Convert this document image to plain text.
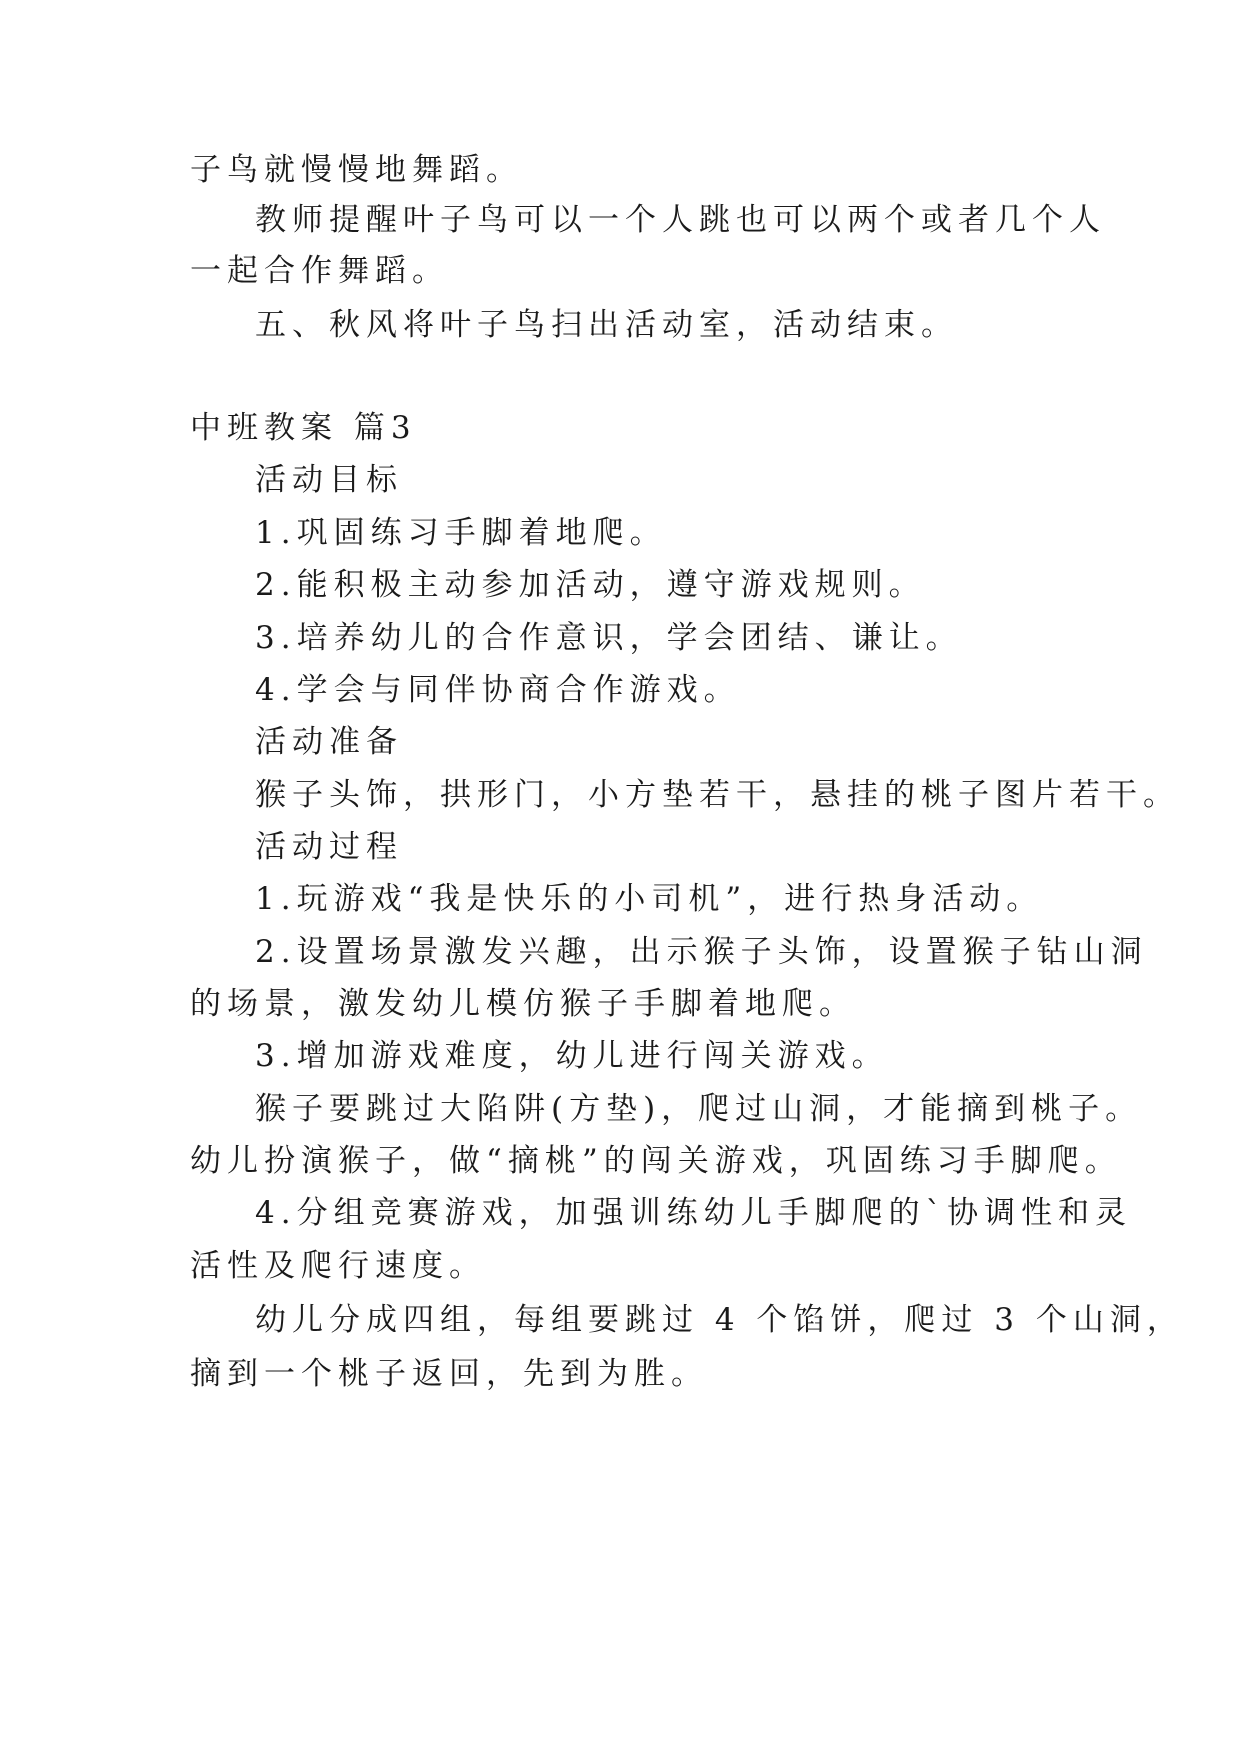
子鸟就慢慢地舞蹈。
教师提醒叶子鸟可以一个人跳也可以两个或者几个人
一起合作舞蹈。
五、秋风将叶子鸟扫出活动室，活动结束。
中班教案 篇3
活动目标
1.巩固练习手脚着地爬。
2.能积极主动参加活动，遵守游戏规则。
3.培养幼儿的合作意识，学会团结、谦让。
4.学会与同伴协商合作游戏。
活动准备
猴子头饰，拱形门，小方垫若干，悬挂的桃子图片若干。
活动过程
1.玩游戏“我是快乐的小司机”，进行热身活动。
2.设置场景激发兴趣，出示猴子头饰，设置猴子钻山洞
的场景，激发幼儿模仿猴子手脚着地爬。
3.增加游戏难度，幼儿进行闯关游戏。
猴子要跳过大陷阱(方垫)，爬过山洞，才能摘到桃子。
幼儿扮演猴子，做“摘桃”的闯关游戏，巩固练习手脚爬。
4.分组竞赛游戏，加强训练幼儿手脚爬的`协调性和灵
活性及爬行速度。
幼儿分成四组，每组要跳过 4 个馅饼，爬过 3 个山洞，
摘到一个桃子返回，先到为胜。
